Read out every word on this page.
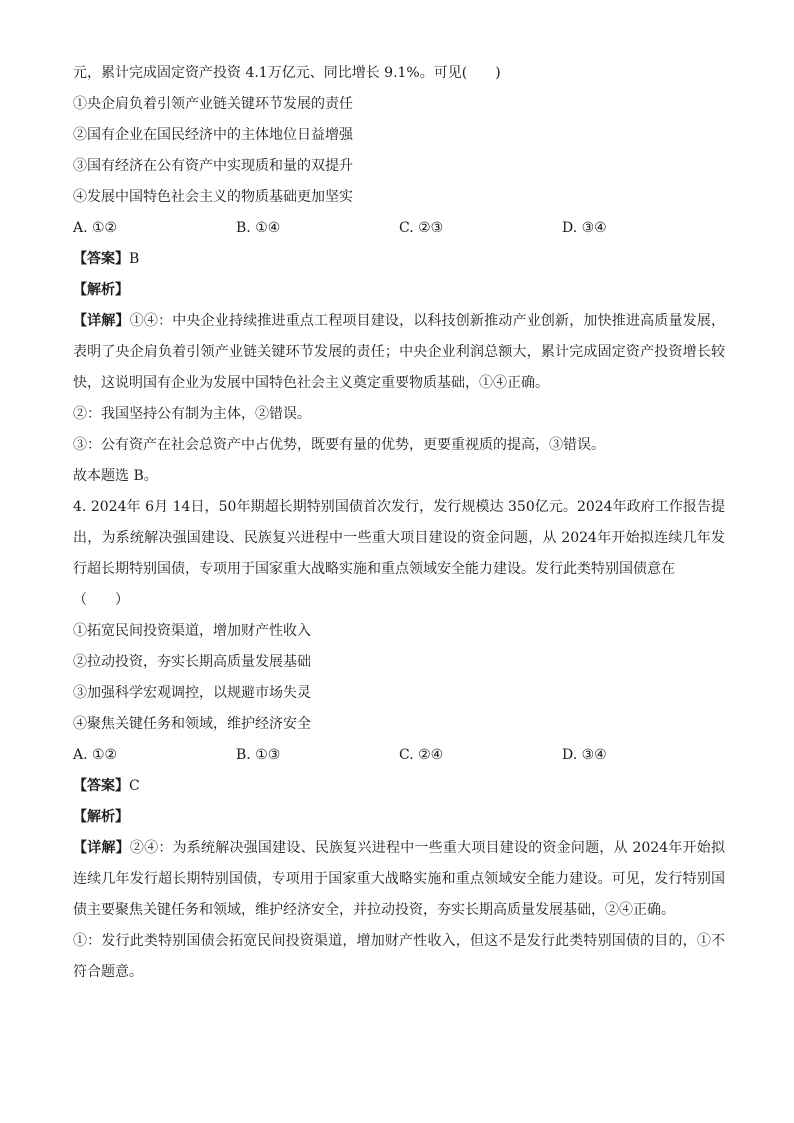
元，累计完成固定资产投资 4.1万亿元、同比增长 9.1%。可见(　　)
①央企肩负着引领产业链关键环节发展的责任
②国有企业在国民经济中的主体地位日益增强
③国有经济在公有资产中实现质和量的双提升
④发展中国特色社会主义的物质基础更加坚实
A. ①②	B. ①④	C. ②③	D. ③④
【答案】B
【解析】

【详解】①④：中央企业持续推进重点工程项目建设，以科技创新推动产业创新，加快推进高质量发展，表明了央企肩负着引领产业链关键环节发展的责任；中央企业利润总额大，累计完成固定资产投资增长较快，这说明国有企业为发展中国特色社会主义奠定重要物质基础，①④正确。

②：我国坚持公有制为主体，②错误。
③：公有资产在社会总资产中占优势，既要有量的优势，更要重视质的提高，③错误。
故本题选 B。

4. 2024年 6月 14日，50年期超长期特别国债首次发行，发行规模达 350亿元。2024年政府工作报告提出，为系统解决强国建设、民族复兴进程中一些重大项目建设的资金问题，从 2024年开始拟连续几年发行超长期特别国债，专项用于国家重大战略实施和重点领域安全能力建设。发行此类特别国债意在

（　　）
①拓宽民间投资渠道，增加财产性收入
②拉动投资，夯实长期高质量发展基础
③加强科学宏观调控，以规避市场失灵
④聚焦关键任务和领域，维护经济安全
A. ①②	B. ①③	C. ②④	D. ③④
【答案】C
【解析】

【详解】②④：为系统解决强国建设、民族复兴进程中一些重大项目建设的资金问题，从 2024年开始拟连续几年发行超长期特别国债，专项用于国家重大战略实施和重点领域安全能力建设。可见，发行特别国债主要聚焦关键任务和领域，维护经济安全，并拉动投资，夯实长期高质量发展基础，②④正确。

①：发行此类特别国债会拓宽民间投资渠道，增加财产性收入，但这不是发行此类特别国债的目的，①不符合题意。
